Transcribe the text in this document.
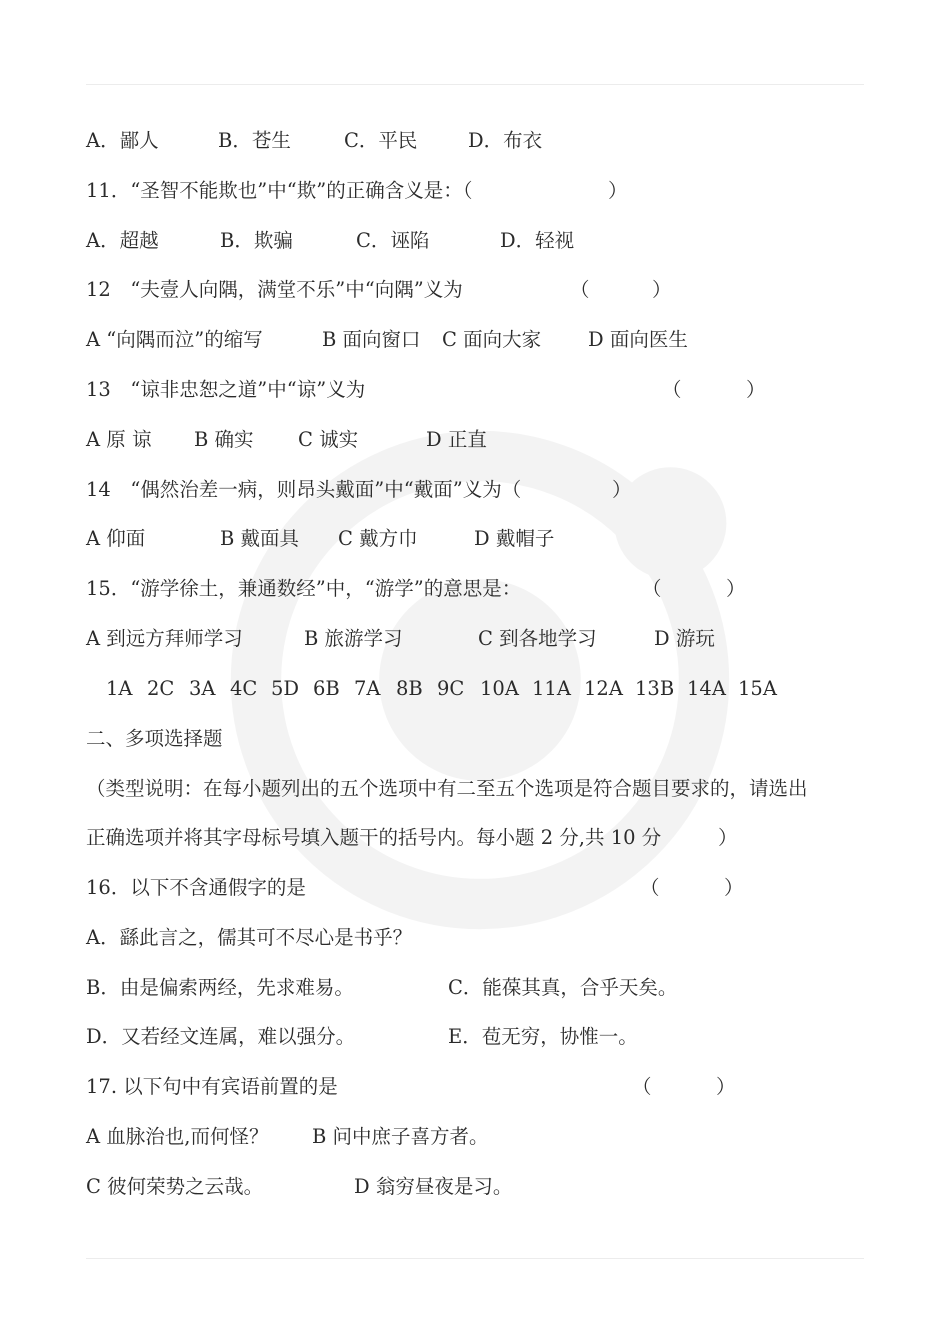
A．鄙人	B．苍生	C．平民	D．布衣
11．“圣智不能欺也”中“欺”的正确含义是：（	）
A．超越	B．欺骗	C．诬陷	D．轻视
12　“夫壹人向隅，满堂不乐”中“向隅”义为	（	）
A “向隅而泣”的缩写	B 面向窗口 C 面向大家 D 面向医生
13　“谅非忠恕之道”中“谅”义为	（	）
A 原 谅 B 确实 C 诚实	D 正直
14　“偶然治差一病，则昂头戴面”中“戴面”义为（	）
A 仰面	B 戴面具 C 戴方巾	D 戴帽子
15．“游学徐土，兼通数经”中，“游学”的意思是：	（	）
A 到远方拜师学习	B 旅游学习	C 到各地学习	D 游玩
1A 2C 3A 4C 5D 6B 7A 8B 9C 10A 11A 12A 13B 14A 15A
二、多项选择题
（类型说明：在每小题列出的五个选项中有二至五个选项是符合题目要求的，请选出
正确选项并将其字母标号填入题干的括号内。每小题 2 分,共 10 分	）
16．以下不含通假字的是	（	）
A．繇此言之，儒其可不尽心是书乎？
B．由是偏索两经，先求难易。	C．能葆其真，合乎天矣。
D．又若经文连属，难以强分。	E．苞无穷，协惟一。
17. 以下句中有宾语前置的是	（	）
A 血脉治也,而何怪？ B 问中庶子喜方者。
C 彼何荣势之云哉。	D 翁穷昼夜是习。
